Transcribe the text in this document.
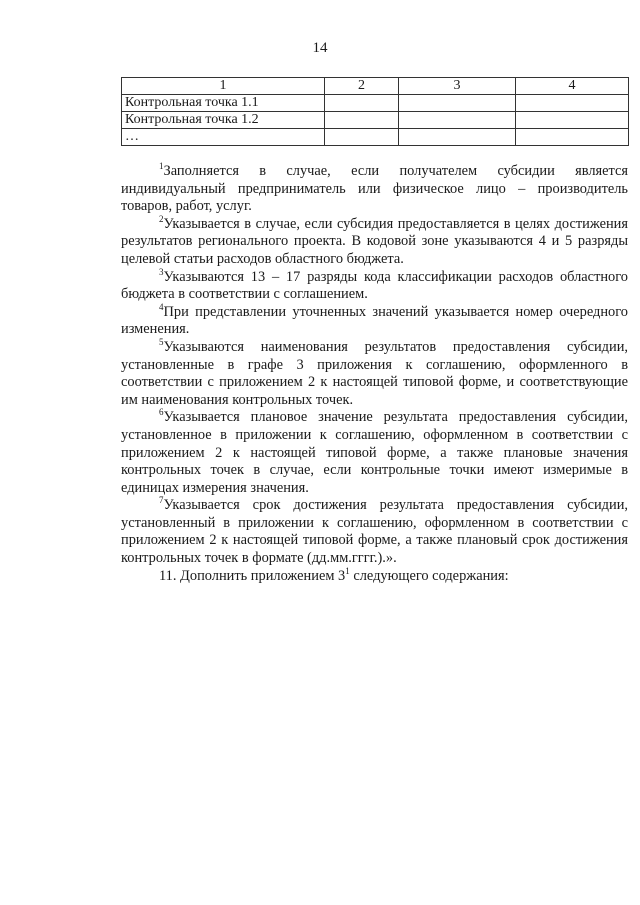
14
1	2	3	4
Контрольная точка 1.1			
Контрольная точка 1.2			
…			

$^1$Заполняется в случае, если получателем субсидии является индивидуальный предприниматель или физическое лицо – производитель товаров, работ, услуг.

$^2$Указывается в случае, если субсидия предоставляется в целях достижения результатов регионального проекта. В кодовой зоне указываются 4 и 5 разряды целевой статьи расходов областного бюджета.

$^3$Указываются 13 – 17 разряды кода классификации расходов областного бюджета в соответствии с соглашением.

$^4$При представлении уточненных значений указывается номер очередного изменения.

$^5$Указываются наименования результатов предоставления субсидии, установленные в графе 3 приложения к соглашению, оформленного в соответствии с приложением 2 к настоящей типовой форме, и соответствующие им наименования контрольных точек.

$^6$Указывается плановое значение результата предоставления субсидии, установленное в приложении к соглашению, оформленном в соответствии с приложением 2 к настоящей типовой форме, а также плановые значения контрольных точек в случае, если контрольные точки имеют измеримые в единицах измерения значения.

$^7$Указывается срок достижения результата предоставления субсидии, установленный в приложении к соглашению, оформленном в соответствии с приложением 2 к настоящей типовой форме, а также плановый срок достижения контрольных точек в формате (дд.мм.гггг.).».

11. Дополнить приложением $3^1$ следующего содержания:
